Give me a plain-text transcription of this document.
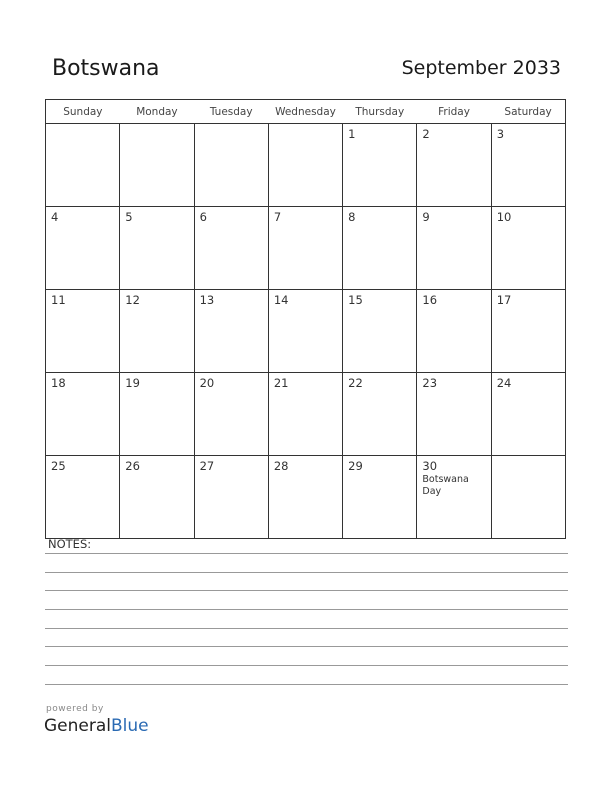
Botswana	September 2033
Sunday	Monday	Tuesday	Wednesday	Thursday	Friday	Saturday

				1	2	3

4	5	6	7	8	9	10

11	12	13	14	15	16	17

18	19	20	21	22	23	24

25	26	27	28	29	30
Botswana Day	

NOTES:
powered by
GeneralBlue
